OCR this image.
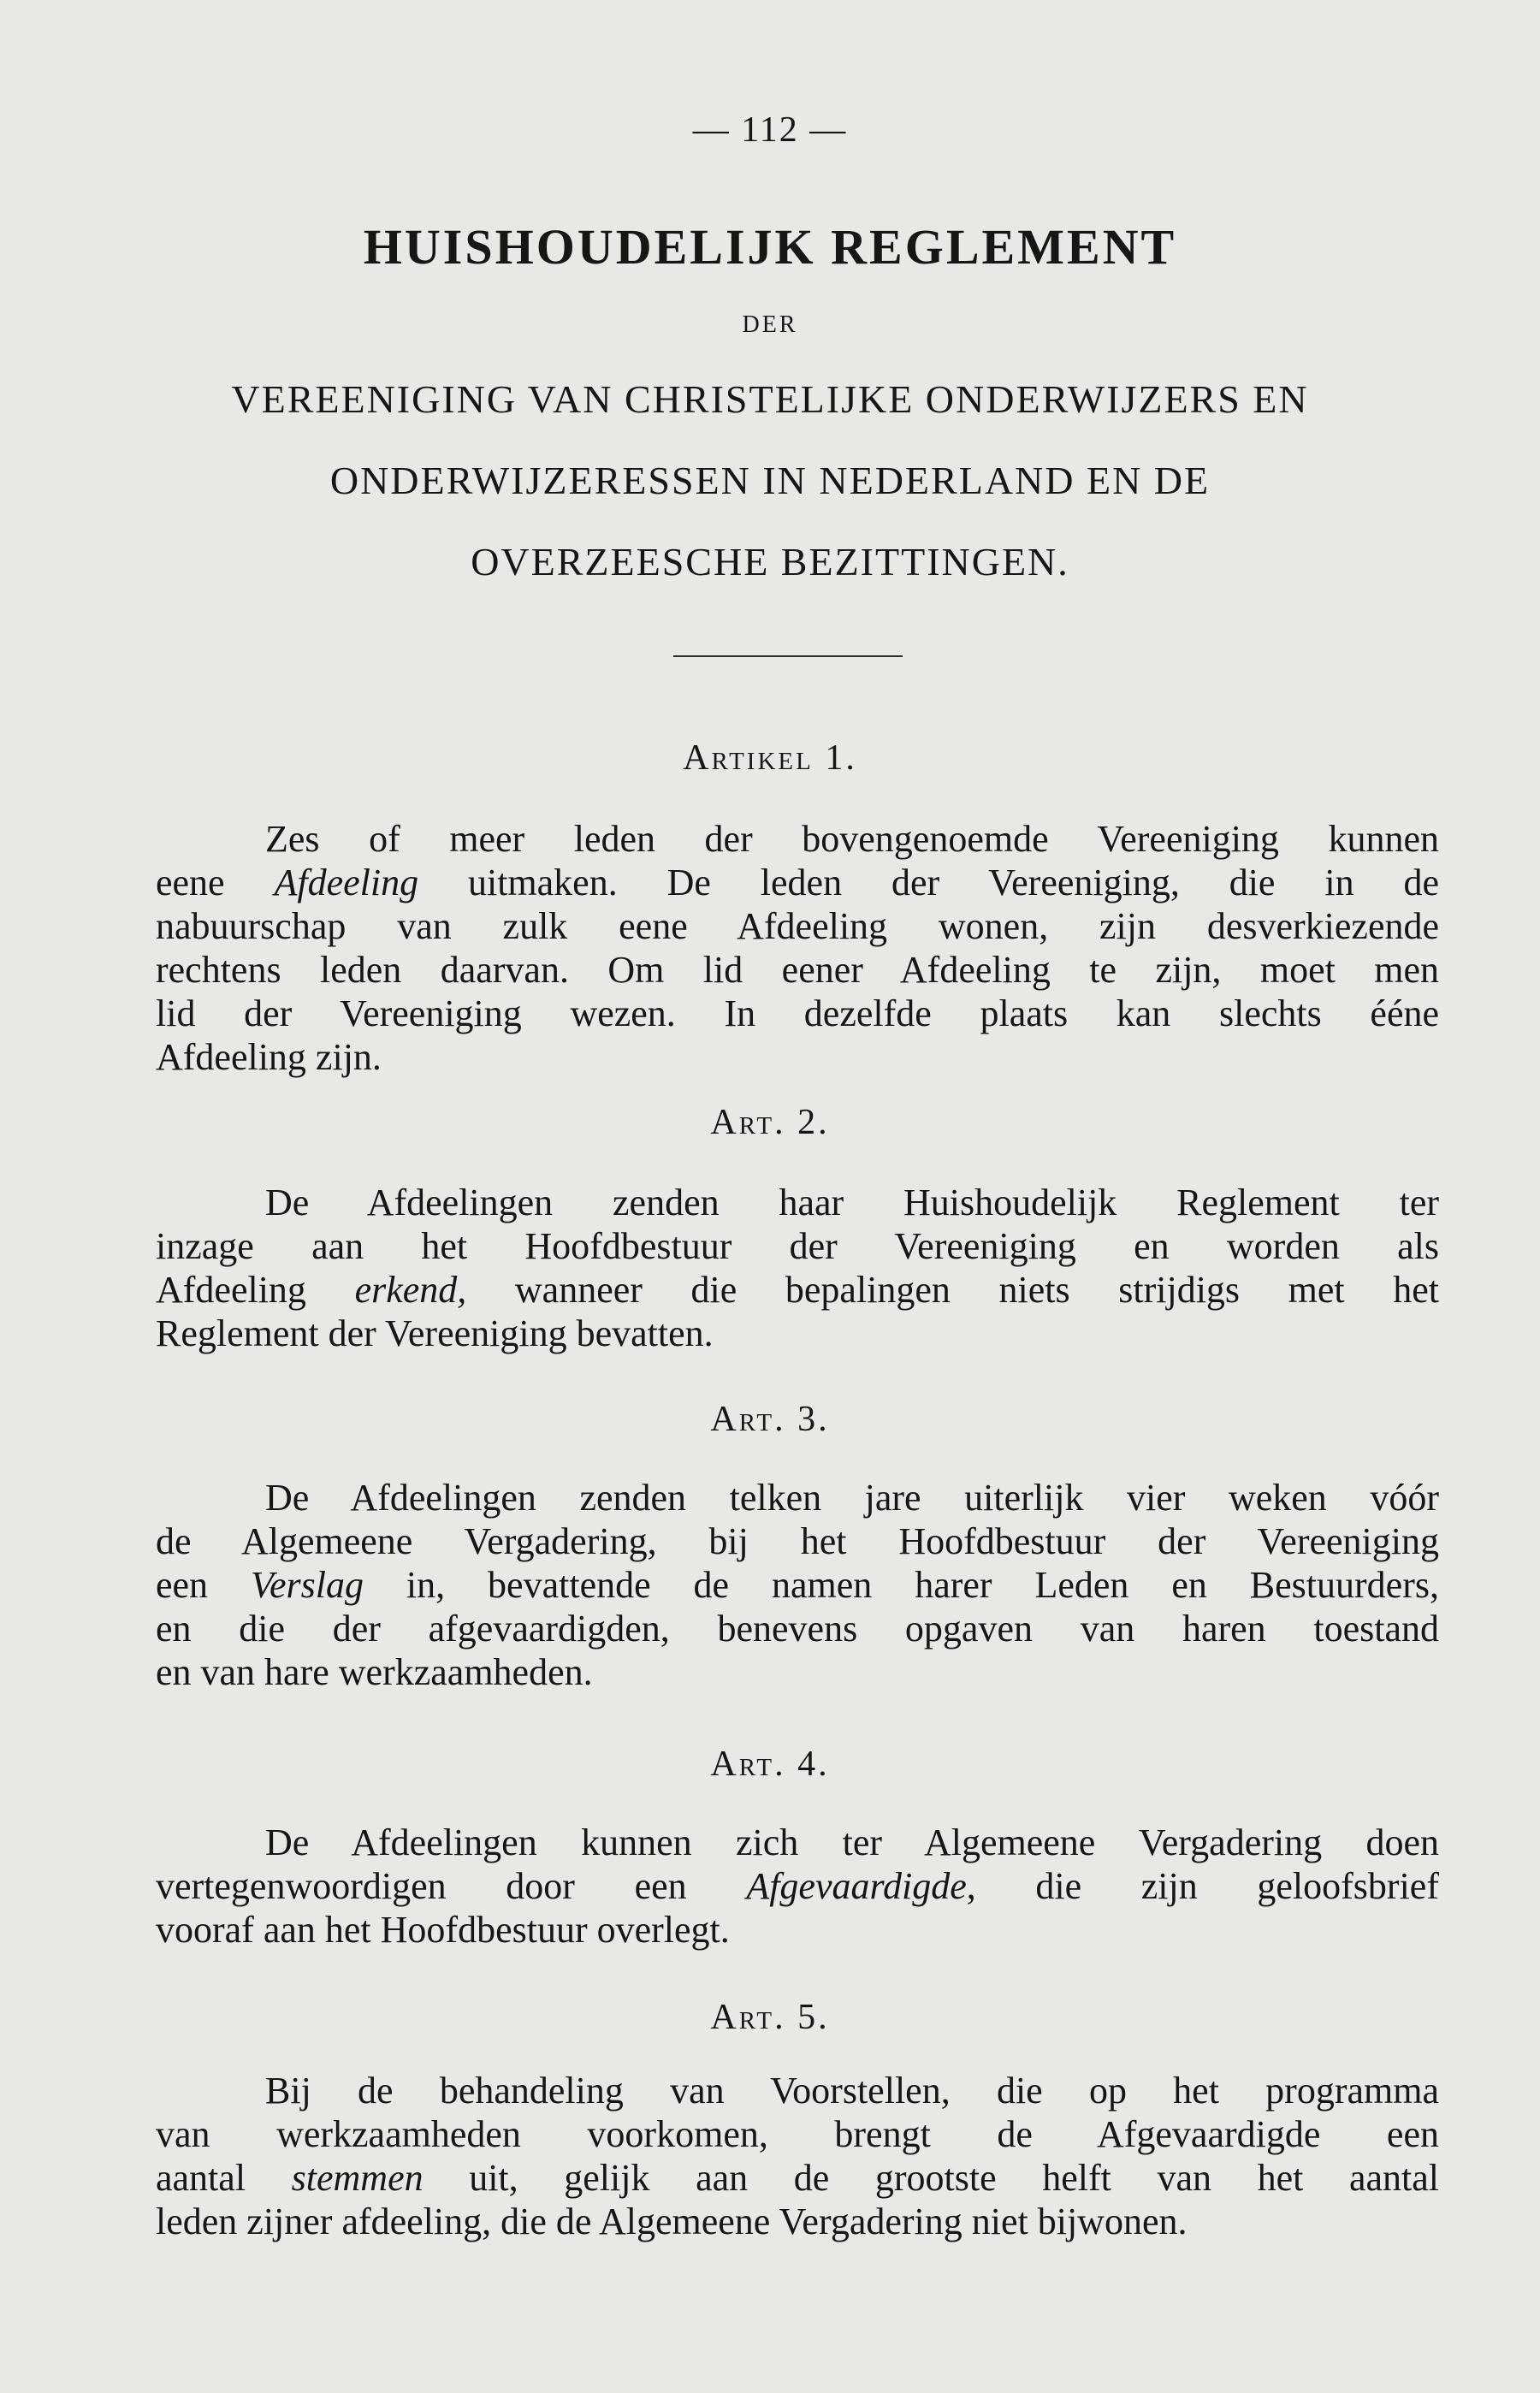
— 112 —
HUISHOUDELIJK REGLEMENT
DER
VEREENIGING VAN CHRISTELIJKE ONDERWIJZERS EN
ONDERWIJZERESSEN IN NEDERLAND EN DE
OVERZEESCHE BEZITTINGEN.
Artikel 1.
Zes of meer leden der bovengenoemde Vereeniging kunnen
eene Afdeeling uitmaken. De leden der Vereeniging, die in de
nabuurschap van zulk eene Afdeeling wonen, zijn desverkiezende
rechtens leden daarvan. Om lid eener Afdeeling te zijn, moet men
lid der Vereeniging wezen. In dezelfde plaats kan slechts ééne
Afdeeling zijn.
Art. 2.
De Afdeelingen zenden haar Huishoudelijk Reglement ter
inzage aan het Hoofdbestuur der Vereeniging en worden als
Afdeeling erkend, wanneer die bepalingen niets strijdigs met het
Reglement der Vereeniging bevatten.
Art. 3.
De Afdeelingen zenden telken jare uiterlijk vier weken vóór
de Algemeene Vergadering, bij het Hoofdbestuur der Vereeniging
een Verslag in, bevattende de namen harer Leden en Bestuurders,
en die der afgevaardigden, benevens opgaven van haren toestand
en van hare werkzaamheden.
Art. 4.
De Afdeelingen kunnen zich ter Algemeene Vergadering doen
vertegenwoordigen door een Afgevaardigde, die zijn geloofsbrief
vooraf aan het Hoofdbestuur overlegt.
Art. 5.
Bij de behandeling van Voorstellen, die op het programma
van werkzaamheden voorkomen, brengt de Afgevaardigde een
aantal stemmen uit, gelijk aan de grootste helft van het aantal
leden zijner afdeeling, die de Algemeene Vergadering niet bijwonen.
